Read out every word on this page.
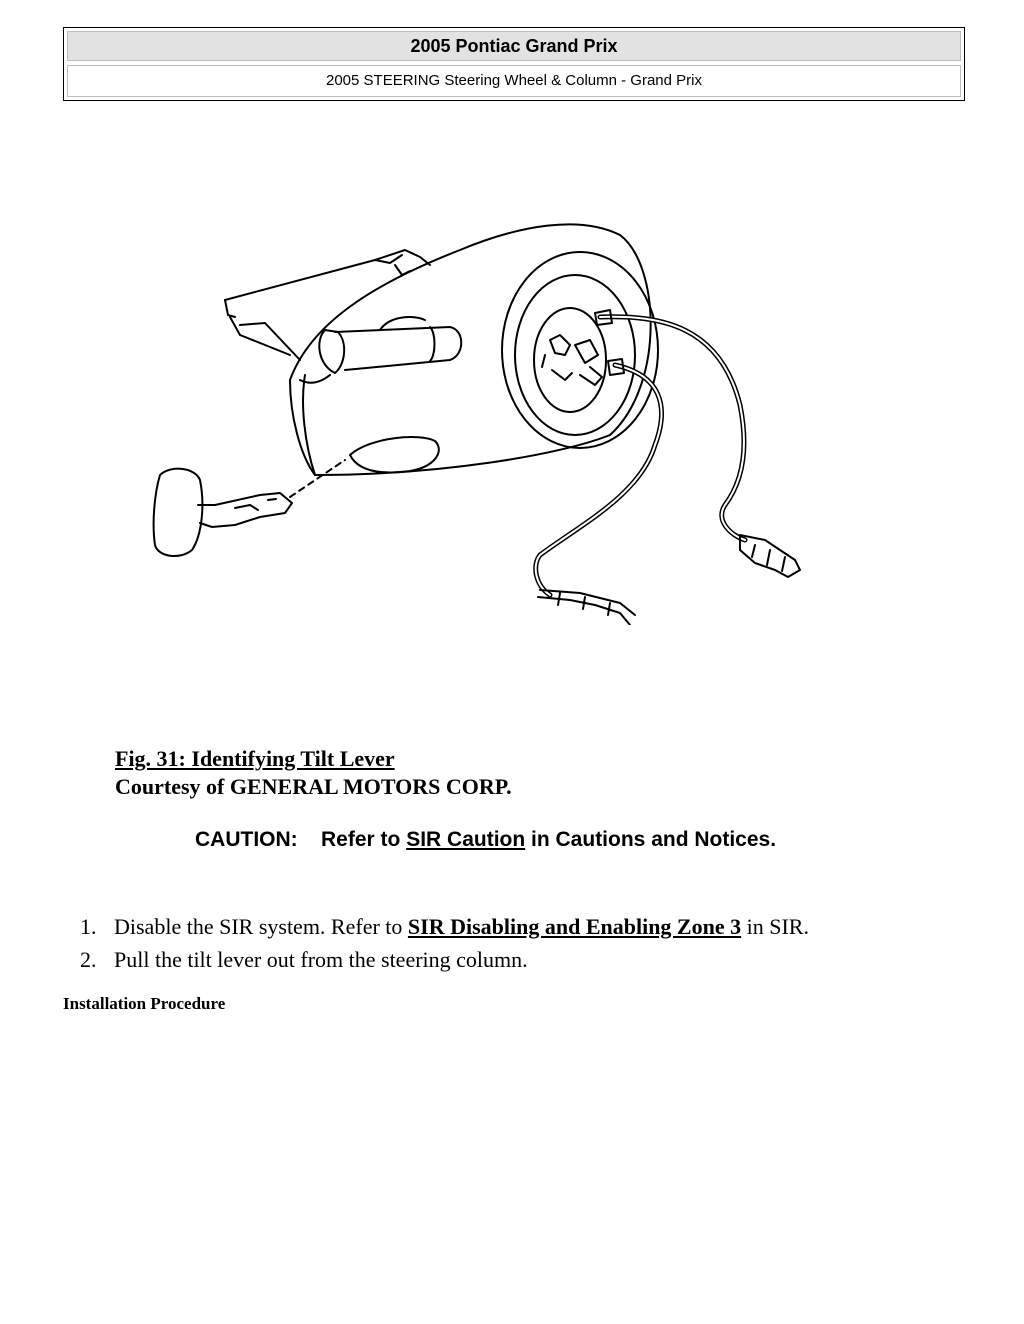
2005 Pontiac Grand Prix
2005 STEERING Steering Wheel & Column - Grand Prix
Fig. 31: Identifying Tilt Lever
Courtesy of GENERAL MOTORS CORP.
CAUTION: Refer to SIR Caution in Cautions and Notices.
1. Disable the SIR system. Refer to SIR Disabling and Enabling Zone 3 in SIR.
2. Pull the tilt lever out from the steering column.
Installation Procedure
